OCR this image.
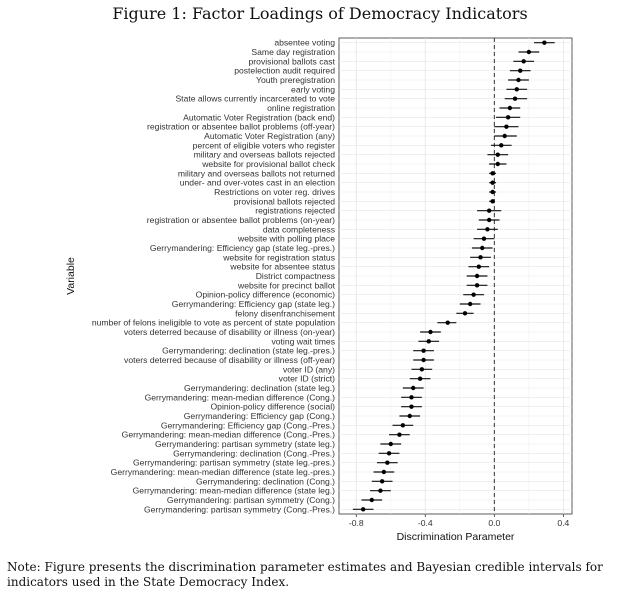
Figure 1: Factor Loadings of Democracy Indicators
absentee voting
Same day registration
provisional ballots cast
postelection audit required
Youth preregistration
early voting
State allows currently incarcerated to vote
online registration
Automatic Voter Registration (back end)
registration or absentee ballot problems (off-year)
Automatic Voter Registration (any)
percent of eligible voters who register
military and overseas ballots rejected
website for provisional ballot check
military and overseas ballots not returned
under- and over-votes cast in an election
Restrictions on voter reg. drives
provisional ballots rejected
registrations rejected
registration or absentee ballot problems (on-year)
data completeness
website with polling place
Gerrymandering: Efficiency gap (state leg.-pres.)
website for registration status
website for absentee status
District compactness
website for precinct ballot
Opinion-policy difference (economic)
Gerrymandering: Efficiency gap (state leg.)
felony disenfranchisement
number of felons ineligible to vote as percent of state population
voters deterred because of disability or illness (on-year)
voting wait times
Gerrymandering: declination (state leg.-pres.)
voters deterred because of disability or illness (off-year)
voter ID (any)
voter ID (strict)
Gerrymandering: declination (state leg.)
Gerrymandering: mean-median difference (Cong.)
Opinion-policy difference (social)
Gerrymandering: Efficiency gap (Cong.)
Gerrymandering: Efficiency gap (Cong.-Pres.)
Gerrymandering: mean-median difference (Cong.-Pres.)
Gerrymandering: partisan symmetry (state leg.)
Gerrymandering: declination (Cong.-Pres.)
Gerrymandering: partisan symmetry (state leg.-pres.)
Gerrymandering: mean-median difference (state leg.-pres.)
Gerrymandering: declination (Cong.)
Gerrymandering: mean-median difference (state leg.)
Gerrymandering: partisan symmetry (Cong.)
Gerrymandering: partisan symmetry (Cong.-Pres.)
-0.8	-0.4	0.0	0.4
Discrimination Parameter
Variable
Note: Figure presents the discrimination parameter estimates and Bayesian credible intervals for indicators used in the State Democracy Index.
